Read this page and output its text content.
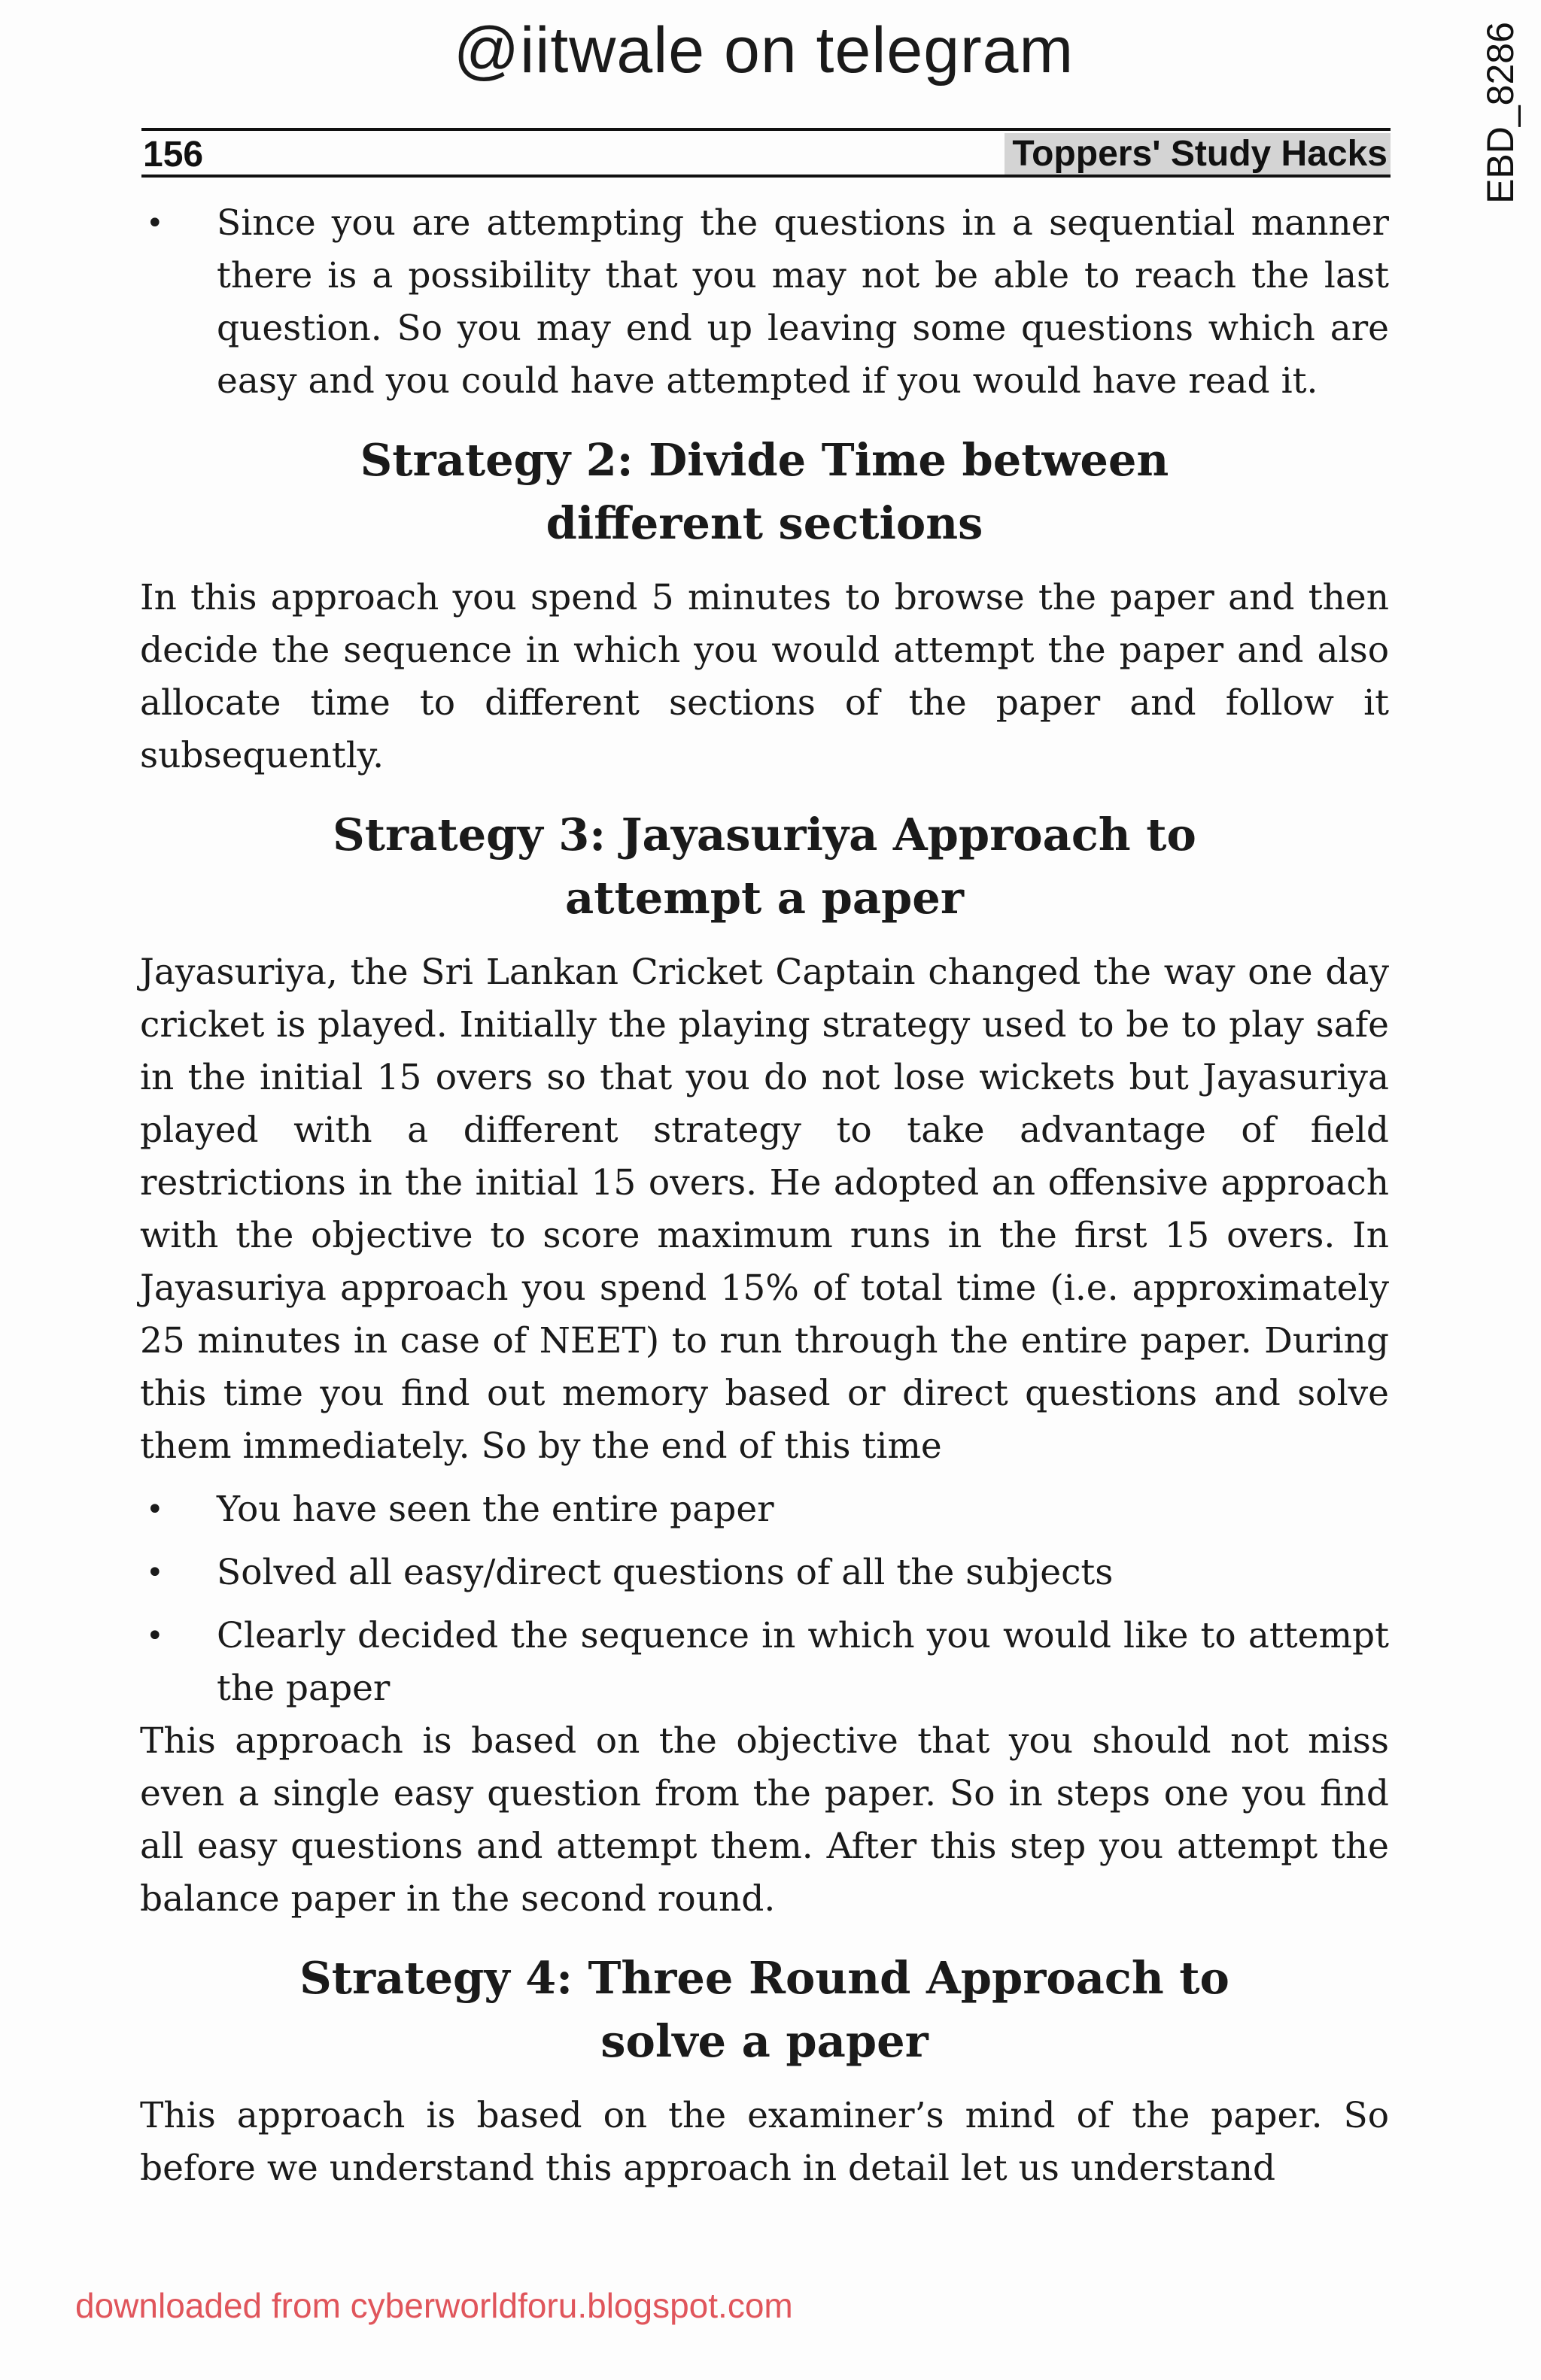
@iitwale on telegram	EBD_8286
156	Toppers' Study Hacks
• Since you are attempting the questions in a sequential manner there is a possibility that you may not be able to reach the last question. So you may end up leaving some questions which are easy and you could have attempted if you would have read it.
Strategy 2: Divide Time between
different sections

In this approach you spend 5 minutes to browse the paper and then decide the sequence in which you would attempt the paper and also allocate time to different sections of the paper and follow it subsequently.

Strategy 3: Jayasuriya Approach to
attempt a paper

Jayasuriya, the Sri Lankan Cricket Captain changed the way one day cricket is played. Initially the playing strategy used to be to play safe in the initial 15 overs so that you do not lose wickets but Jayasuriya played with a different strategy to take advantage of field restrictions in the initial 15 overs. He adopted an offensive approach with the objective to score maximum runs in the first 15 overs. In Jayasuriya approach you spend 15% of total time (i.e. approximately 25 minutes in case of NEET) to run through the entire paper. During this time you find out memory based or direct questions and solve them immediately. So by the end of this time

• You have seen the entire paper
• Solved all easy/direct questions of all the subjects
• Clearly decided the sequence in which you would like to attempt the paper

This approach is based on the objective that you should not miss even a single easy question from the paper. So in steps one you find all easy questions and attempt them. After this step you attempt the balance paper in the second round.

Strategy 4: Three Round Approach to
solve a paper

This approach is based on the examiner’s mind of the paper. So before we understand this approach in detail let us understand

downloaded from cyberworldforu.blogspot.com
